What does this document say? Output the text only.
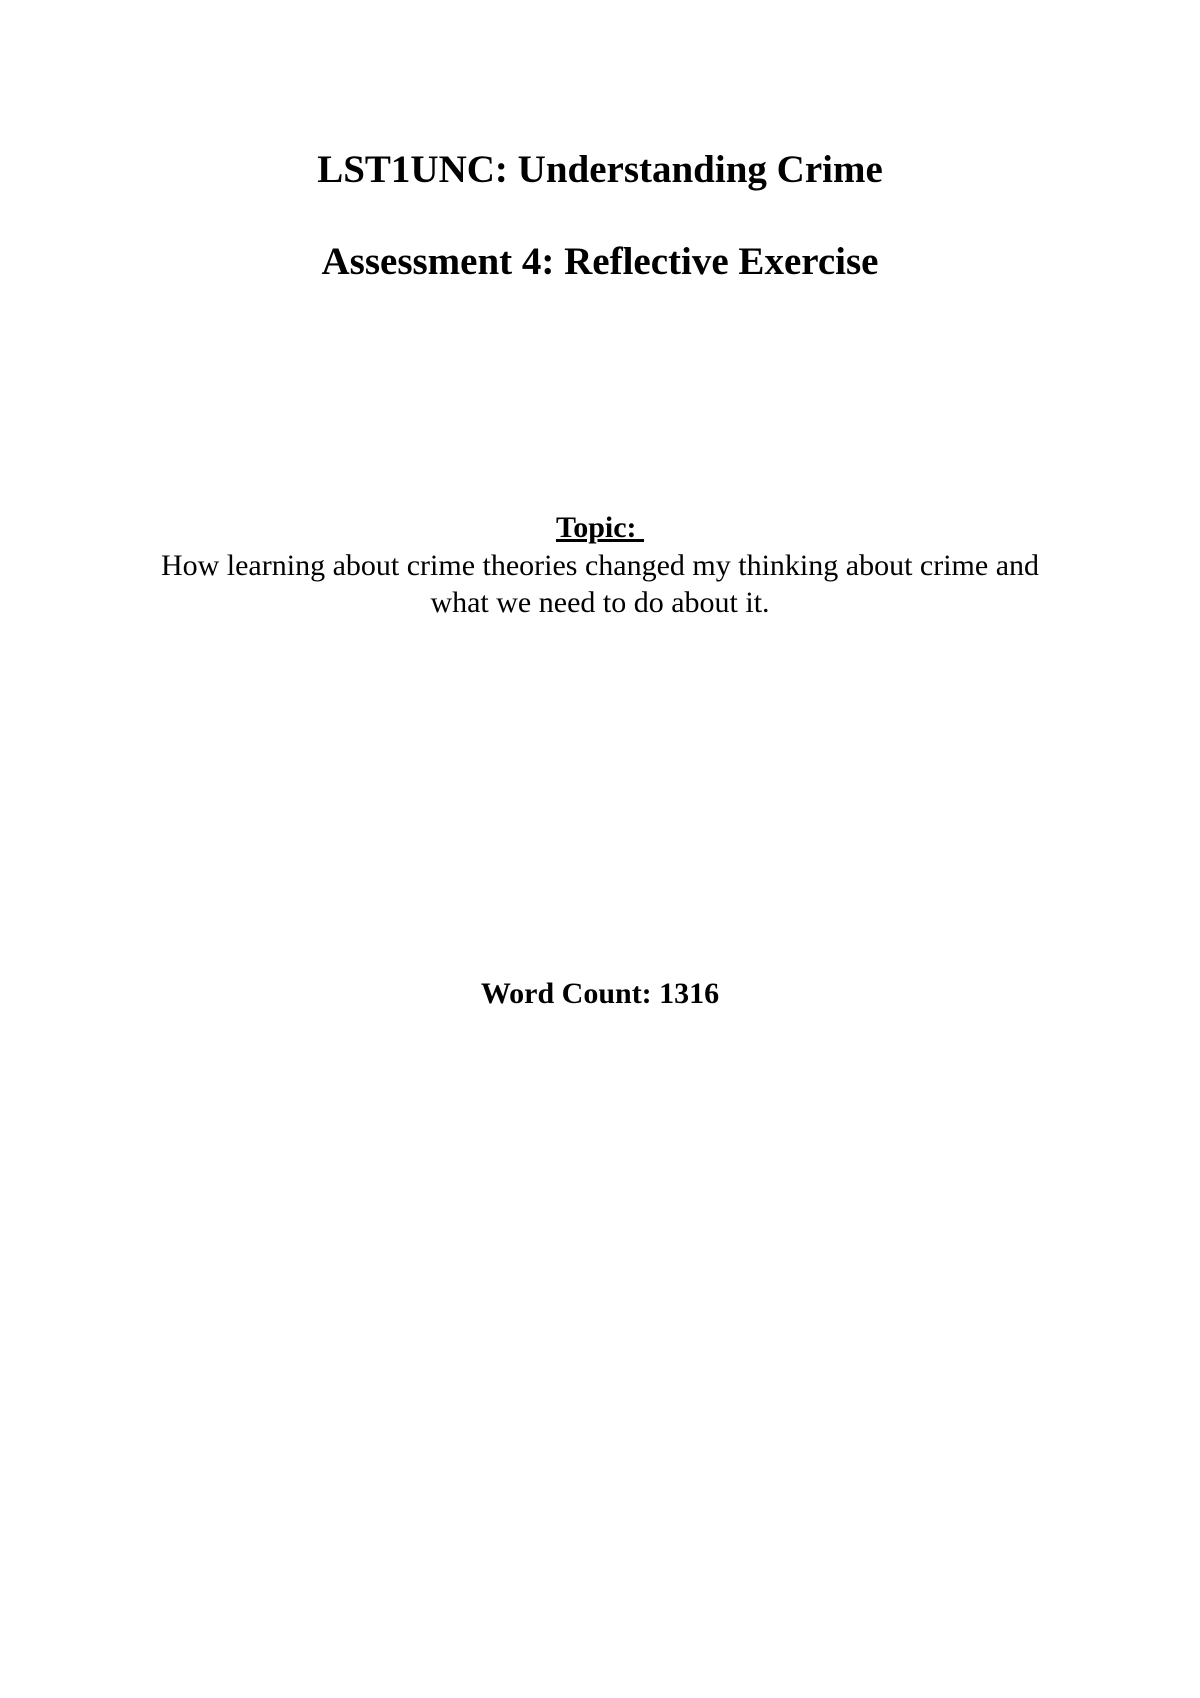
LST1UNC: Understanding Crime
Assessment 4: Reflective Exercise
Topic:

How learning about crime theories changed my thinking about crime and what we need to do about it.

Word Count: 1316
